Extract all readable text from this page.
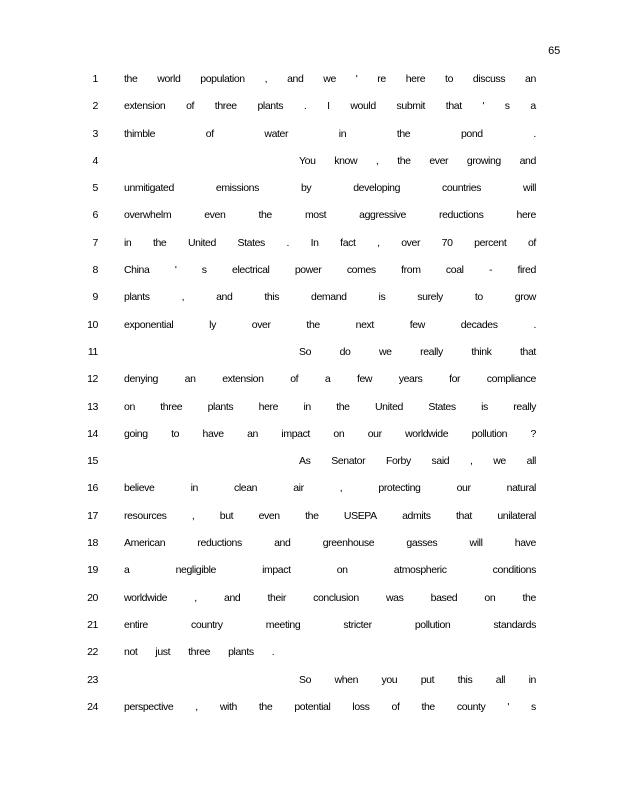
65
1 the world population , and we ' re here to discuss an
2 extension of three plants . I would submit that ' s a
3 thimble	of	water	in	the	pond	.
4	You know , the ever growing and
5 unmitigated	emissions	by	developing	countries	will
6 overwhelm	even	the	most	aggressive	reductions	here
7 in the United States . In fact , over 70 percent of
8 China ' s electrical power comes from coal - fired
9 plants	,	and	this	demand	is	surely	to	grow
10 exponential	ly	over	the	next	few	decades	.
11	So	do	we	really	think	that
12 denying	an	extension	of	a	few	years	for	compliance
13 on three plants here in the United States is really
14 going to have an impact on our worldwide pollution ?
15	As Senator Forby said , we all
16 believe	in	clean	air	,	protecting	our	natural
17 resources , but even the USEPA admits that unilateral
18 American	reductions	and	greenhouse	gasses	will	have
19 a	negligible	impact	on	atmospheric	conditions
20 worldwide	,	and	their	conclusion	was	based	on	the
21 entire	country	meeting	stricter	pollution	standards
22 not just three plants .
23	So when you put this all in
24 perspective , with the potential loss of the county ' s
